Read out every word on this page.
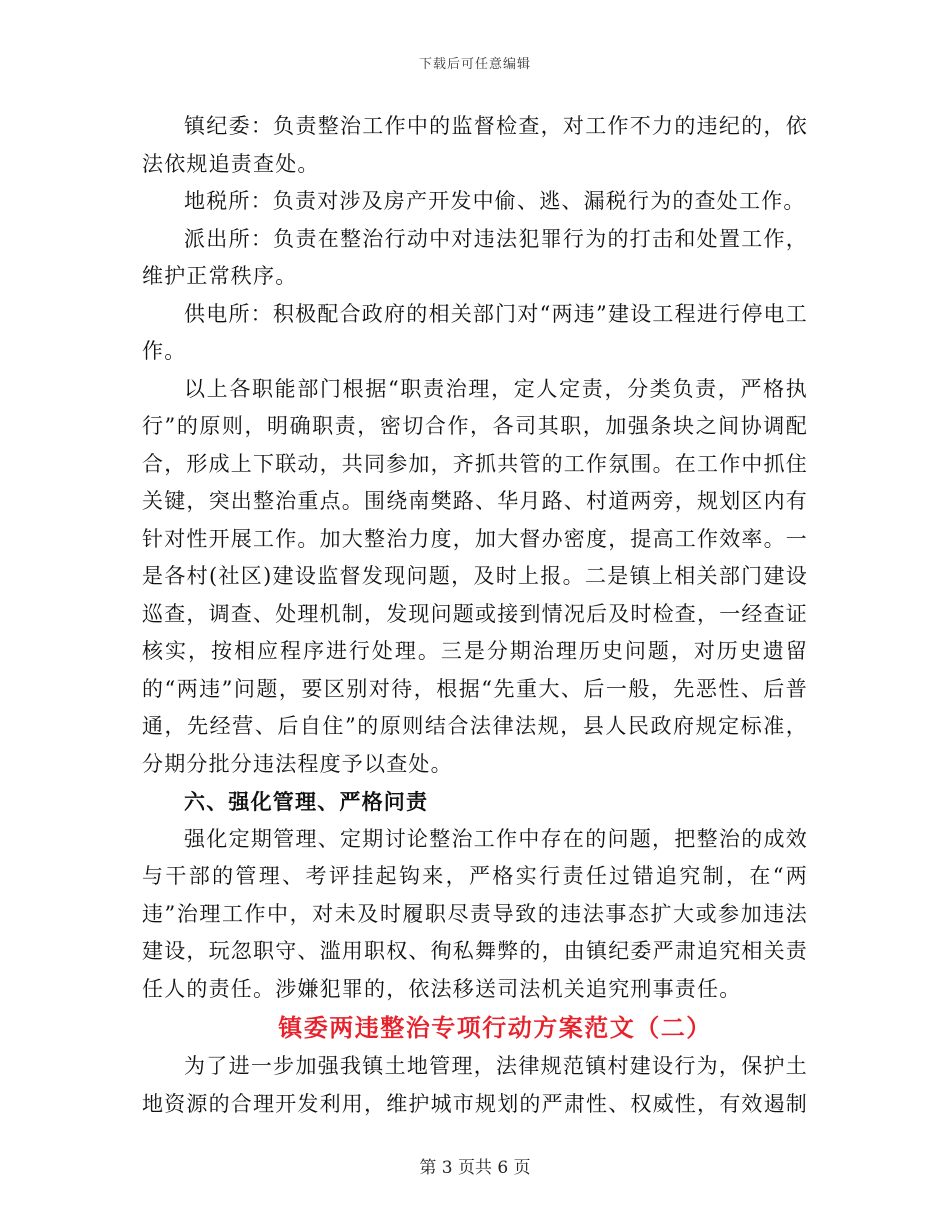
下载后可任意编辑

镇纪委：负责整治工作中的监督检查，对工作不力的违纪的，依法依规追责查处。

地税所：负责对涉及房产开发中偷、逃、漏税行为的查处工作。

派出所：负责在整治行动中对违法犯罪行为的打击和处置工作，维护正常秩序。

供电所：积极配合政府的相关部门对“两违”建设工程进行停电工作。

以上各职能部门根据“职责治理，定人定责，分类负责，严格执行”的原则，明确职责，密切合作，各司其职，加强条块之间协调配合，形成上下联动，共同参加，齐抓共管的工作氛围。在工作中抓住关键，突出整治重点。围绕南樊路、华月路、村道两旁，规划区内有针对性开展工作。加大整治力度，加大督办密度，提高工作效率。一是各村(社区)建设监督发现问题，及时上报。二是镇上相关部门建设巡查，调查、处理机制，发现问题或接到情况后及时检查，一经查证核实，按相应程序进行处理。三是分期治理历史问题，对历史遗留的“两违”问题，要区别对待，根据“先重大、后一般，先恶性、后普通，先经营、后自住”的原则结合法律法规，县人民政府规定标准，分期分批分违法程度予以查处。

六、强化管理、严格问责

强化定期管理、定期讨论整治工作中存在的问题，把整治的成效与干部的管理、考评挂起钩来，严格实行责任过错追究制，在“两违”治理工作中，对未及时履职尽责导致的违法事态扩大或参加违法建设，玩忽职守、滥用职权、徇私舞弊的，由镇纪委严肃追究相关责任人的责任。涉嫌犯罪的，依法移送司法机关追究刑事责任。

镇委两违整治专项行动方案范文（二）

为了进一步加强我镇土地管理，法律规范镇村建设行为，保护土地资源的合理开发利用，维护城市规划的严肃性、权威性，有效遏制

第 3 页共 6 页
